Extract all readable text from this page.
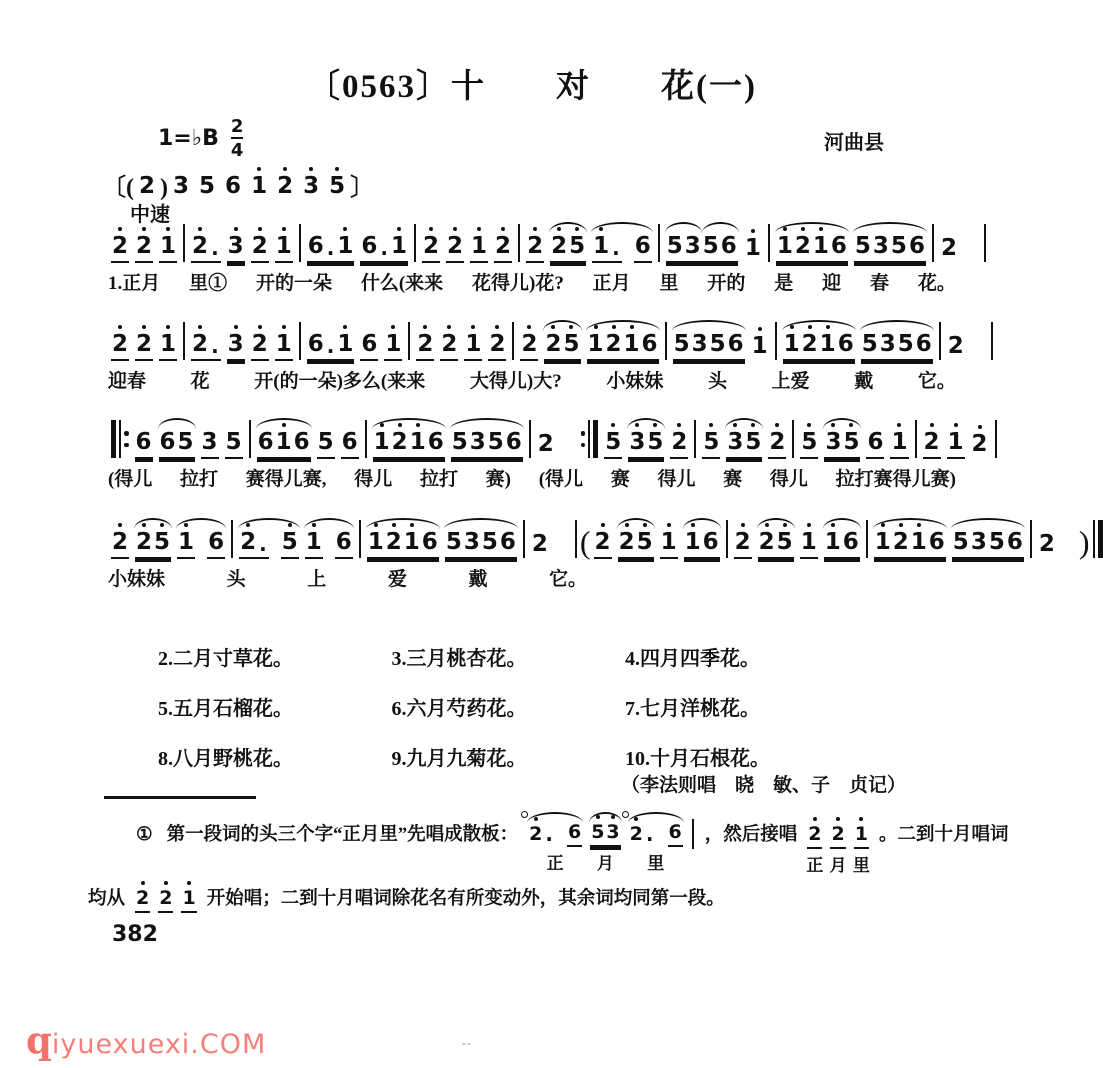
〔0563〕十　　对　　花(一)
1=♭B $\frac{2}{4}$	河曲县
〔 ( 2 ) 3 5 6 1 2 3 5 〕
中速
2 2 1 2 . 3 2 1 6 . 1 6 . 1 2 2 1 2 2 2 5 1 . 6 5 3 5 6 1 1 2 1 6 5 3 5 6 2
1.正月 里① 开的一朵 什么(来来 花得儿)花? 正月 里 开的 是 迎 春 花。
2 2 1 2 . 3 2 1 6 . 1 6 1 2 2 1 2 2 2 5 1 2 1 6 5 3 5 6 1 1 2 1 6 5 3 5 6 2
迎春 花 开(的一朵)多么(来来 大得儿)大? 小妹妹 头 上爱 戴 它。
6 6 5 3 5 6 1 6 5 6 1 2 1 6 5 3 5 6 2 5 3 5 2 5 3 5 2 5 3 5 6 1 2 1 2
(得儿 拉打 赛得儿赛, 得儿 拉打 赛) (得儿 赛 得儿 赛 得儿 拉打赛得儿赛)
2 2 5 1 6 2 . 5 1 6 1 2 1 6 5 3 5 6 2 ( 2 2 5 1 1 6 2 2 5 1 1 6 1 2 1 6 5 3 5 6 2 )
小妹妹	头	上	爱	戴	它。
2.二月寸草花。	3.三月桃杏花。	4.四月四季花。
5.五月石榴花。	6.六月芍药花。	7.七月洋桃花。
8.八月野桃花。	9.九月九菊花。	10.十月石根花。
（李法则唱　晓　敏、子　贞记）
① 第一段词的头三个字“正月里”先唱成散板： 2 . 6
正
5 3
月
2 . 6
里
，然后接唱 2
正
2
月
1
里
。二到十月唱词
均从 2 2 1 开始唱；二到十月唱词除花名有所变动外，其余词均同第一段。
382
--
qiyuexuexi.COM
